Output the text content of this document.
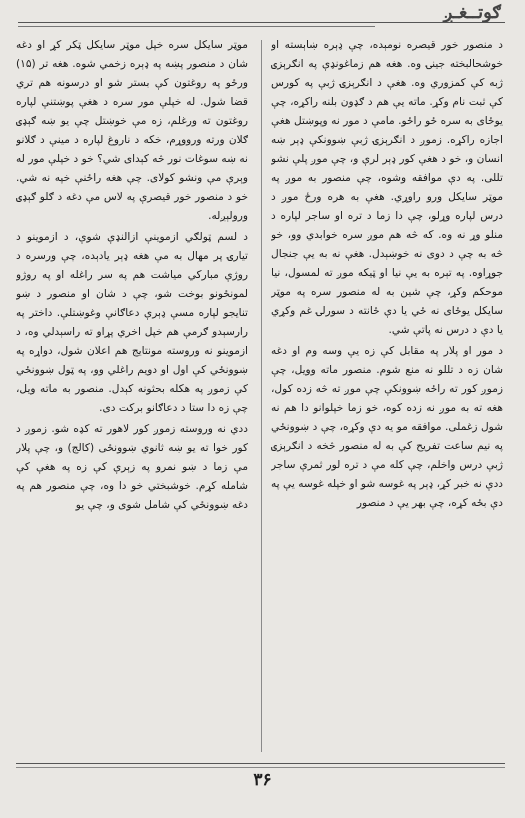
ګوتــغـږ

د منصور خور قیصره نومېده، چې ډېره ښاېسته او خوشحالبخته جینۍ وه. هغه هم زماغونډې په انګرېزۍ ژبه کې کمزوري وه. هغې د انګرېزۍ ژبې په کورس کې ثبت نام وکړ. ماته یې هم د ګډون بلنه راکړه، چې یوځای به سره ځو راځو. مامې د مور نه وپوښتل هغې اجازه راکړه. زموږ د انګرېزۍ ژبې ښوونکې ډېر ښه انسان و، خو د هغې کور ډېر لرې و، چې موږ پلې نشو تللی. په دې موافقه وشوه، چې منصور به موږ په موټر سایکل ورو راوړي. هغې به هره ورځ موږ د درس لپاره وړلو، چې دا زما د تره او ساجر لپاره د منلو وړ نه وه. که څه هم موږ سره خوابدي وو، خو څه به چې د دوی نه خوښېدل. هغې نه به یې جنجال جوړاوه. په تېره به یې نیا او ټیکه موږ ته لمسول، نیا موحکم وکړ، چې شین به له منصور سره په موټر سایکل یوځای نه ځي یا دې ځانته د سورلۍ غم وکړي یا دې د درس نه پاتې شي.

د مور او پلار په مقابل کې زه یې وسه وم او دغه شان زه د تللو نه منع شوم. منصور ماته وویل، چې زموږ کور ته راځه ښوونکې چې موږ ته څه زده کول، هغه ته به موږ نه زده کوه، خو زما خپلوانو دا هم نه شول زغملی. موافقه مو یه دې وکړه، چې د ښوونځي په نیم ساعت تفریح کې به له منصور څخه د انګرېزۍ ژبې درس واخلم، چې کله مې د تره لور ثمرې ساجر ددې نه خبر کړ، ډېر په غوسه شو او خپله غوسه یې په دې بځه کړه، چې بهر یې د منصور

موټر سایکل سره خپل موټر سایکل ټکر کړ او دغه شان د منصور پښه په ډېره زخمي شوه. هغه تر (۱۵) ورځو په روغتون کې بستر شو او درسونه هم تري قضا شول. له خپلې مور سره د هغې پوښتنې لپاره روغتون ته ورغلم، زه مې خوښتل چې یو ښه ګېډۍ ګلان ورته ورووړم، خکه د ناروغ لپاره د مینې د ګلانو نه ښه سوغات نور څه کېدای شي؟ خو د خپلې مور له وېرې مې ونشو کولای. چې هغه راځنې خپه نه شي. خو د منصور خور قیصرې په لاس مې دغه د ګلو ګېډۍ ورولېږله.

د لسم ټولګي ازموینې ازالنډې شوې، د ازموینو د تیارۍ پر مهال به مې هغه ډېر یادېده، چې ورسره د روژې مبارکي میاشت هم په سر راغله او په روژو لمونځونو بوخت شو، چې د شان او منصور د ښو تنایجو لپاره مسې ډېرې دعاګانې وغوښتلې. داختر په رارسېدو ګرمې هم خپل اخري پړاو ته راسېدلي وه، د ازموینو نه وروسته مونتایج هم اعلان شول، دواړه په ښوونځي کې اول او دویم راغلي وو، په ټول ښوونځي کې زموږ په هکله بحثونه کېدل. منصور به ماته ویل، چې زه دا ستا د دعاګانو برکت دی.

ددي نه وروسته زموږ کور لاهور ته کډه شو. زموږ د کور خوا ته یو ښه ثانوي ښوونځی (کالج) و، چې پلار مې زما د ښو نمرو په زېرې کې زه په هغې کې شامله کړم. خوشبختي خو دا وه، چې منصور هم په دغه ښوونځي کې شامل شوی و، چې یو

۳۶
